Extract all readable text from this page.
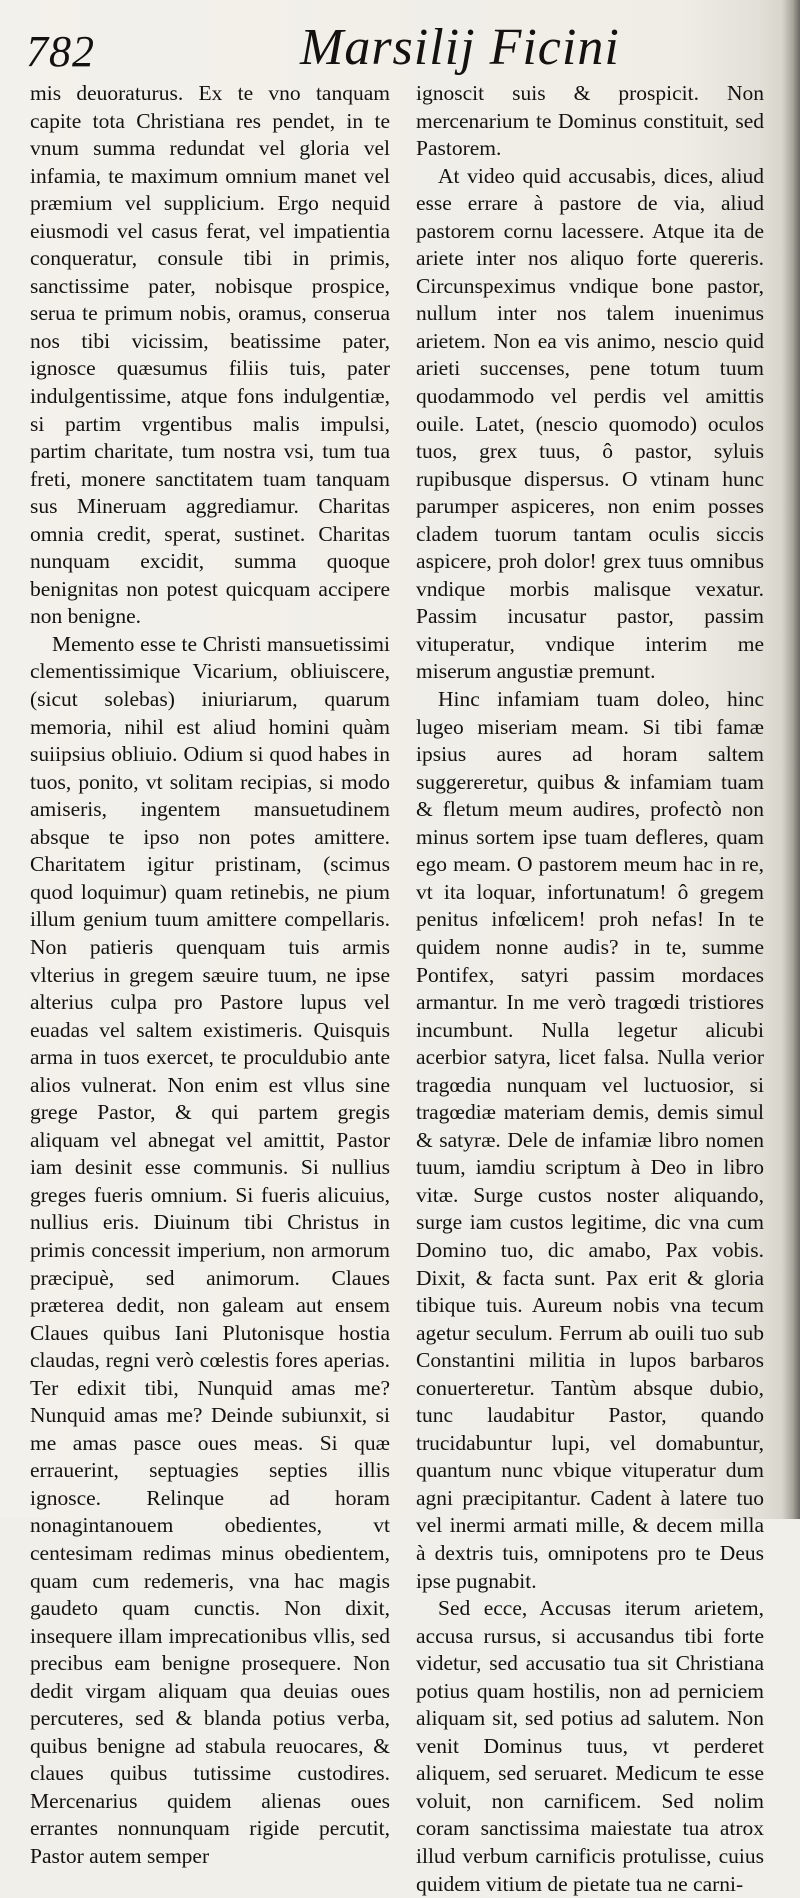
782	Marsilij Ficini

mis deuoraturus. Ex te vno tanquam capite tota Christiana res pendet, in te vnum summa redundat vel gloria vel infamia, te maximum omnium manet vel præmium vel supplicium. Ergo nequid eiusmodi vel casus ferat, vel impatientia conqueratur, consule tibi in primis, sanctissime pater, nobisque prospice, serua te primum nobis, oramus, conserua nos tibi vicissim, beatissime pater, ignosce quæsumus filiis tuis, pater indulgentissime, atque fons indulgentiæ, si partim vrgentibus malis impulsi, partim charitate, tum nostra vsi, tum tua freti, monere sanctitatem tuam tanquam sus Mineruam aggrediamur. Charitas omnia credit, sperat, sustinet. Charitas nunquam excidit, summa quoque benignitas non potest quicquam accipere non benigne.

Memento esse te Christi mansuetissimi clementissimique Vicarium, obliuiscere, (sicut solebas) iniuriarum, quarum memoria, nihil est aliud homini quàm suiipsius obliuio. Odium si quod habes in tuos, ponito, vt solitam recipias, si modo amiseris, ingentem mansuetudinem absque te ipso non potes amittere. Charitatem igitur pristinam, (scimus quod loquimur) quam retinebis, ne pium illum genium tuum amittere compellaris. Non patieris quenquam tuis armis vlterius in gregem sæuire tuum, ne ipse alterius culpa pro Pastore lupus vel euadas vel saltem existimeris. Quisquis arma in tuos exercet, te proculdubio ante alios vulnerat. Non enim est vllus sine grege Pastor, & qui partem gregis aliquam vel abnegat vel amittit, Pastor iam desinit esse communis. Si nullius greges fueris omnium. Si fueris alicuius, nullius eris. Diuinum tibi Christus in primis concessit imperium, non armorum præcipuè, sed animorum. Claues præterea dedit, non galeam aut ensem Claues quibus Iani Plutonisque hostia claudas, regni verò cœlestis fores aperias. Ter edixit tibi, Nunquid amas me? Nunquid amas me? Deinde subiunxit, si me amas pasce oues meas. Si quæ errauerint, septuagies septies illis ignosce. Relinque ad horam nonagintanouem obedientes, vt centesimam redimas minus obedientem, quam cum redemeris, vna hac magis gaudeto quam cunctis. Non dixit, insequere illam imprecationibus vllis, sed precibus eam benigne prosequere. Non dedit virgam aliquam qua deuias oues percuteres, sed & blanda potius verba, quibus benigne ad stabula reuocares, & claues quibus tutissime custodires. Mercenarius quidem alienas oues errantes nonnunquam rigide percutit, Pastor autem semper

ignoscit suis & prospicit. Non mercenarium te Dominus constituit, sed Pastorem.

At video quid accusabis, dices, aliud esse errare à pastore de via, aliud pastorem cornu lacessere. Atque ita de ariete inter nos aliquo forte quereris. Circunspeximus vndique bone pastor, nullum inter nos talem inuenimus arietem. Non ea vis animo, nescio quid arieti succenses, pene totum tuum quodammodo vel perdis vel amittis ouile. Latet, (nescio quomodo) oculos tuos, grex tuus, ô pastor, syluis rupibusque dispersus. O vtinam hunc parumper aspiceres, non enim posses cladem tuorum tantam oculis siccis aspicere, proh dolor! grex tuus omnibus vndique morbis malisque vexatur. Passim incusatur pastor, passim vituperatur, vndique interim me miserum angustiæ premunt.

Hinc infamiam tuam doleo, hinc lugeo miseriam meam. Si tibi famæ ipsius aures ad horam saltem suggereretur, quibus & infamiam tuam & fletum meum audires, profectò non minus sortem ipse tuam defleres, quam ego meam. O pastorem meum hac in re, vt ita loquar, infortunatum! ô gregem penitus infœlicem! proh nefas! In te quidem nonne audis? in te, summe Pontifex, satyri passim mordaces armantur. In me verò tragœdi tristiores incumbunt. Nulla legetur alicubi acerbior satyra, licet falsa. Nulla verior tragœdia nunquam vel luctuosior, si tragœdiæ materiam demis, demis simul & satyræ. Dele de infamiæ libro nomen tuum, iamdiu scriptum à Deo in libro vitæ. Surge custos noster aliquando, surge iam custos legitime, dic vna cum Domino tuo, dic amabo, Pax vobis. Dixit, & facta sunt. Pax erit & gloria tibique tuis. Aureum nobis vna tecum agetur seculum. Ferrum ab ouili tuo sub Constantini militia in lupos barbaros conuerteretur. Tantùm absque dubio, tunc laudabitur Pastor, quando trucidabuntur lupi, vel domabuntur, quantum nunc vbique vituperatur dum agni præcipitantur. Cadent à latere tuo vel inermi armati mille, & decem milla à dextris tuis, omnipotens pro te Deus ipse pugnabit.

Sed ecce, Accusas iterum arietem, accusa rursus, si accusandus tibi forte videtur, sed accusatio tua sit Christiana potius quam hostilis, non ad perniciem aliquam sit, sed potius ad salutem. Non venit Dominus tuus, vt perderet aliquem, sed seruaret. Medicum te esse voluit, non carnificem. Sed nolim coram sanctissima maiestate tua atrox illud verbum carnificis protulisse, cuius quidem vitium de pietate tua ne carni-
